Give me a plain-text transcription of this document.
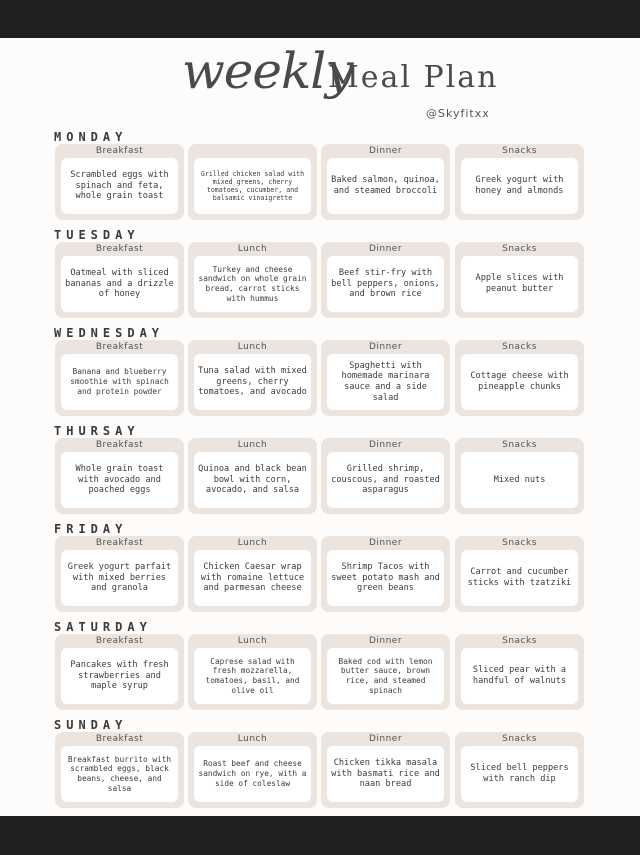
weekly
Meal Plan
@Skyfitxx
MONDAY
Breakfast
Scrambled eggs with spinach and feta, whole grain toast
Grilled chicken salad with mixed greens, cherry tomatoes, cucumber, and balsamic vinaigrette
Dinner
Baked salmon, quinoa, and steamed broccoli
Snacks
Greek yogurt with honey and almonds
TUESDAY
Breakfast
Oatmeal with sliced bananas and a drizzle of honey
Lunch
Turkey and cheese sandwich on whole grain bread, carrot sticks with hummus
Dinner
Beef stir-fry with bell peppers, onions, and brown rice
Snacks
Apple slices with peanut butter
WEDNESDAY
Breakfast
Banana and blueberry smoothie with spinach and protein powder
Lunch
Tuna salad with mixed greens, cherry tomatoes, and avocado
Dinner
Spaghetti with homemade marinara sauce and a side salad
Snacks
Cottage cheese with pineapple chunks
THURSAY
Breakfast
Whole grain toast with avocado and poached eggs
Lunch
Quinoa and black bean bowl with corn, avocado, and salsa
Dinner
Grilled shrimp, couscous, and roasted asparagus
Snacks
Mixed nuts
FRIDAY
Breakfast
Greek yogurt parfait with mixed berries and granola
Lunch
Chicken Caesar wrap with romaine lettuce and parmesan cheese
Dinner
Shrimp Tacos with sweet potato mash and green beans
Snacks
Carrot and cucumber sticks with tzatziki
SATURDAY
Breakfast
Pancakes with fresh strawberries and maple syrup
Lunch
Caprese salad with fresh mozzarella, tomatoes, basil, and olive oil
Dinner
Baked cod with lemon butter sauce, brown rice, and steamed spinach
Snacks
Sliced pear with a handful of walnuts
SUNDAY
Breakfast
Breakfast burrito with scrambled eggs, black beans, cheese, and salsa
Lunch
Roast beef and cheese sandwich on rye, with a side of coleslaw
Dinner
Chicken tikka masala with basmati rice and naan bread
Snacks
Sliced bell peppers with ranch dip
